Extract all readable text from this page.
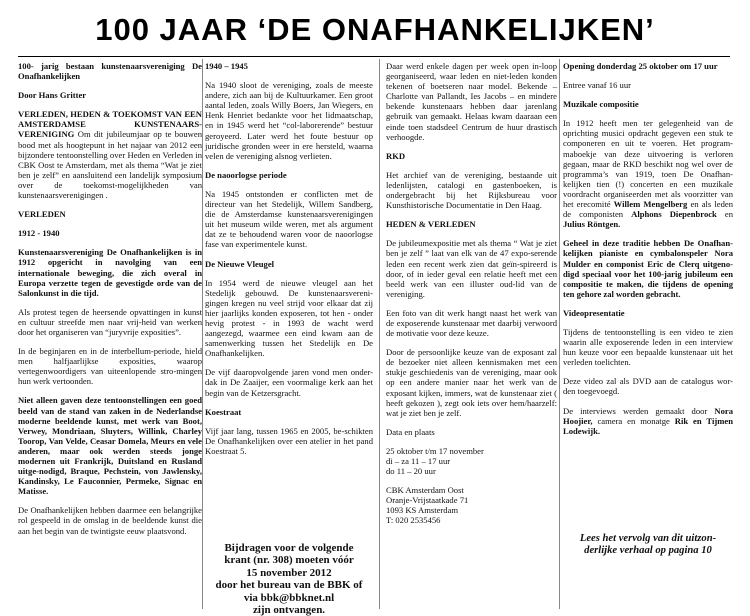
100 JAAR ‘DE ONAFHANKELIJKEN’

100- jarig bestaan kunstenaarsvereniging De Onafhankelijken

Door Hans Gritter

VERLEDEN, HEDEN & TOEKOMST VAN EEN AMSTERDAMSE KUNSTENAARS-VERENIGING Om dit jubileumjaar op te bouwen bood met als hoogtepunt in het najaar van 2012 een bijzondere tentoonstelling over Heden en Verleden in CBK Oost te Amsterdam, met als thema “Wat je ziet ben je zelf” en aansluitend een landelijk symposium over de toekomst-mogelijkheden van kunstenaarsverenigingen .

VERLEDEN

1912 - 1940

Kunstenaarsvereniging De Onafhankelijken is in 1912 opgericht in navolging van een internationale beweging, die zich overal in Europa verzette tegen de gevestigde orde van de Salonkunst in die tijd.

Als protest tegen de heersende opvattingen in kunst en cultuur streefde men naar vrij-heid van werken door het organiseren van “juryvrije exposities”.

In de beginjaren en in de interbellum-periode, hield men halfjaarlijkse exposities, waarop vertegenwoordigers van uiteenlopende stro-mingen hun werk vertoonden.

Niet alleen gaven deze tentoonstellingen een goed beeld van de stand van zaken in de Nederlandse moderne beeldende kunst, met werk van Boot, Verwey, Mondriaan, Sluyters, Willink, Charley Toorop, Van Velde, Ceasar Domela, Meurs en vele anderen, maar ook werden steeds jonge modernen uit Frankrijk, Duitsland en Rusland uitge-nodigd, Braque, Pechstein, von Jawlensky, Kandinsky, Le Fauconnier, Permeke, Signac en Matisse.

De Onafhankelijken hebben daarmee een belangrijke rol gespeeld in de omslag in de beeldende kunst die aan het begin van de twintigste eeuw plaatsvond.

1940 – 1945

Na 1940 sloot de vereniging, zoals de meeste andere, zich aan bij de Kultuurkamer. Een groot aantal leden, zoals Willy Boers, Jan Wiegers, en Henk Henriet bedankte voor het lidmaatschap, en in 1945 werd het “col-laborerende” bestuur geroyeerd. Later werd het foute bestuur op juridische gronden weer in ere hersteld, waarna velen de vereniging alsnog verlieten.

De naoorlogse periode

Na 1945 ontstonden er conflicten met de directeur van het Stedelijk, Willem Sandberg, die de Amsterdamse kunstenaarsverenigingen uit het museum wilde weren, met als argument dat ze te behoudend waren voor de naoorlogse fase van experimentele kunst.

De Nieuwe Vleugel

In 1954 werd de nieuwe vleugel aan het Stedelijk gebouwd. De kunstenaarsvereni-gingen kregen nu veel strijd voor elkaar dat zij hier jaarlijks konden exposeren, tot hen - onder hevig protest - in 1993 de wacht werd aangezegd, waarmee een eind kwam aan de samenwerking tussen het Stedelijk en De Onafhankelijken.

De vijf daaropvolgende jaren vond men onder-dak in De Zaaijer, een voormalige kerk aan het begin van de Ketzersgracht.

Koestraat

Vijf jaar lang, tussen 1965 en 2005, be-schikten De Onafhankelijken over een atelier in het pand Koestraat 5.

Bijdragen voor de volgende
krant (nr. 308) moeten vóór
15 november 2012
door het bureau van de BBK of
via bbk@bbknet.nl
zijn ontvangen.

Daar werd enkele dagen per week open in-loop georganiseerd, waar leden en niet-leden konden tekenen of boetseren naar model. Bekende – Charlotte van Pallandt, Ies Jacobs – en mindere bekende kunstenaars hebben daar jarenlang gebruik van gemaakt. Helaas kwam daaraan een einde toen stadsdeel Centrum de huur drastisch verhoogde.

RKD

Het archief van de vereniging, bestaande uit ledenlijsten, catalogi en gastenboeken, is ondergebracht bij het Rijksbureau voor Kunsthistorische Documentatie in Den Haag.

HEDEN & VERLEDEN

De jubileumexpositie met als thema “ Wat je ziet ben je zelf ” laat van elk van de 47 expo-serende leden een recent werk zien dat geïn-spireerd is door, of in ieder geval een relatie heeft met een beeld werk van een illuster oud-lid van de vereniging.

Een foto van dit werk hangt naast het werk van de exposerende kunstenaar met daarbij verwoord de motivatie voor deze keuze.

Door de persoonlijke keuze van de exposant zal de bezoeker niet alleen kennismaken met een stukje geschiedenis van de vereniging, maar ook op een andere manier naar het werk van de exposant kijken, immers, wat de kunstenaar ziet ( heeft gekozen ), zegt ook iets over hem/haarzelf: wat je ziet ben je zelf.

Data en plaats

25 oktober t/m 17 november
di – za 11 – 17 uur
do 11 – 20 uur

CBK Amsterdam Oost
Oranje-Vrijstaatkade 71
1093 KS Amsterdam
T: 020 2535456

Opening donderdag 25 oktober om 17 uur

Entree vanaf 16 uur

Muzikale compositie

In 1912 heeft men ter gelegenheid van de oprichting musici opdracht gegeven een stuk te componeren en uit te voeren. Het program-maboekje van deze uitvoering is verloren gegaan, maar de RKD beschikt nog wel over de programma’s van 1919, toen De Onafhan-kelijken tien (!) concerten en een muzikale voordracht organiseerden met als voorzitter van het erecomité Willem Mengelberg en als leden de componisten Alphons Diepenbrock en Julius Röntgen.

Geheel in deze traditie hebben De Onafhan-kelijken pianiste en cymbalonspeler Nora Mulder en componist Eric de Clerq uitgeno-digd speciaal voor het 100-jarig jubileum een compositie te maken, die tijdens de opening ten gehore zal worden gebracht.

Videopresentatie

Tijdens de tentoonstelling is een video te zien waarin alle exposerende leden in een interview hun keuze voor een bepaalde kunstenaar uit het verleden toelichten.

Deze video zal als DVD aan de catalogus wor-den toegevoegd.

De interviews werden gemaakt door Nora Hoojier, camera en monatge Rik en Tijmen Lodewijk.

Lees het vervolg van dit uitzon-
derlijke verhaal op pagina 10
